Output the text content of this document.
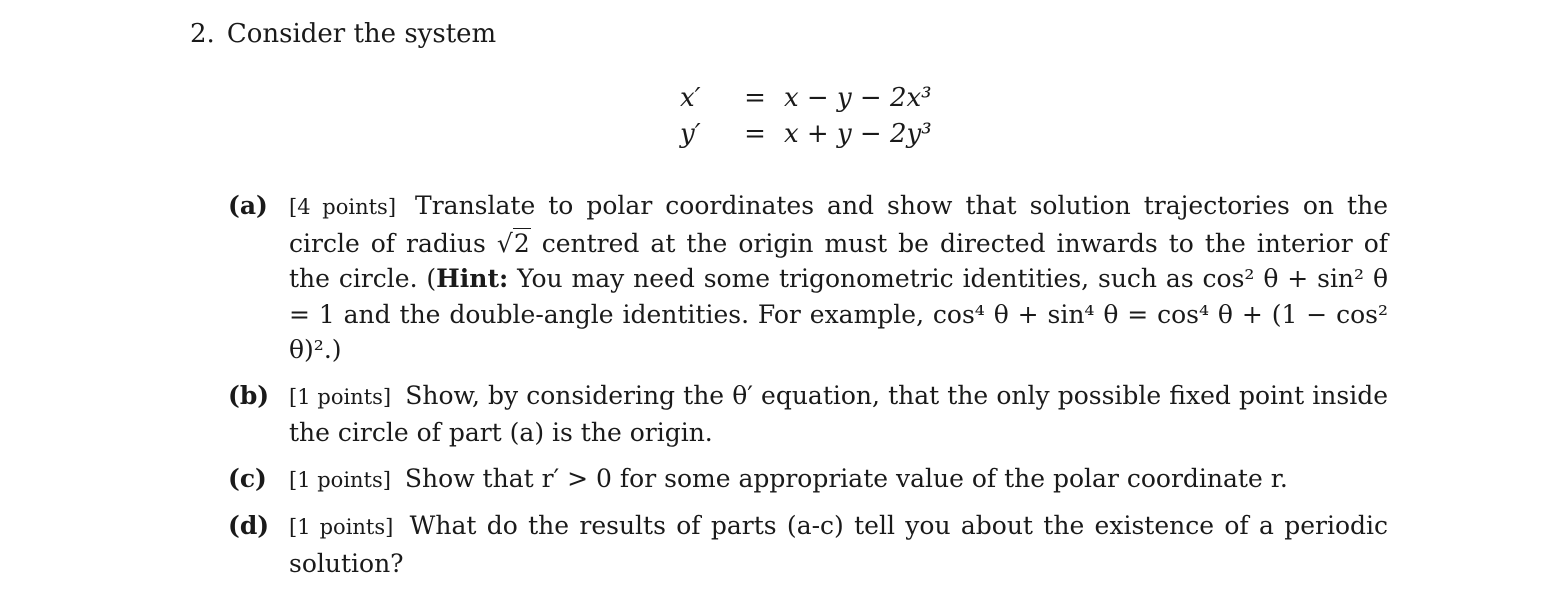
2. Consider the system
x′	= x − y − 2x³
y′	= x + y − 2y³
(a) [4 points] Translate to polar coordinates and show that solution trajectories on the circle of radius √2 centred at the origin must be directed inwards to the interior of the circle. (Hint: You may need some trigonometric identities, such as cos² θ + sin² θ = 1 and the double-angle identities. For example, cos⁴ θ + sin⁴ θ = cos⁴ θ + (1 − cos² θ)².)
(b) [1 points] Show, by considering the θ′ equation, that the only possible fixed point inside the circle of part (a) is the origin.
(c) [1 points] Show that r′ > 0 for some appropriate value of the polar coordinate r.
(d) [1 points] What do the results of parts (a-c) tell you about the existence of a periodic solution?
